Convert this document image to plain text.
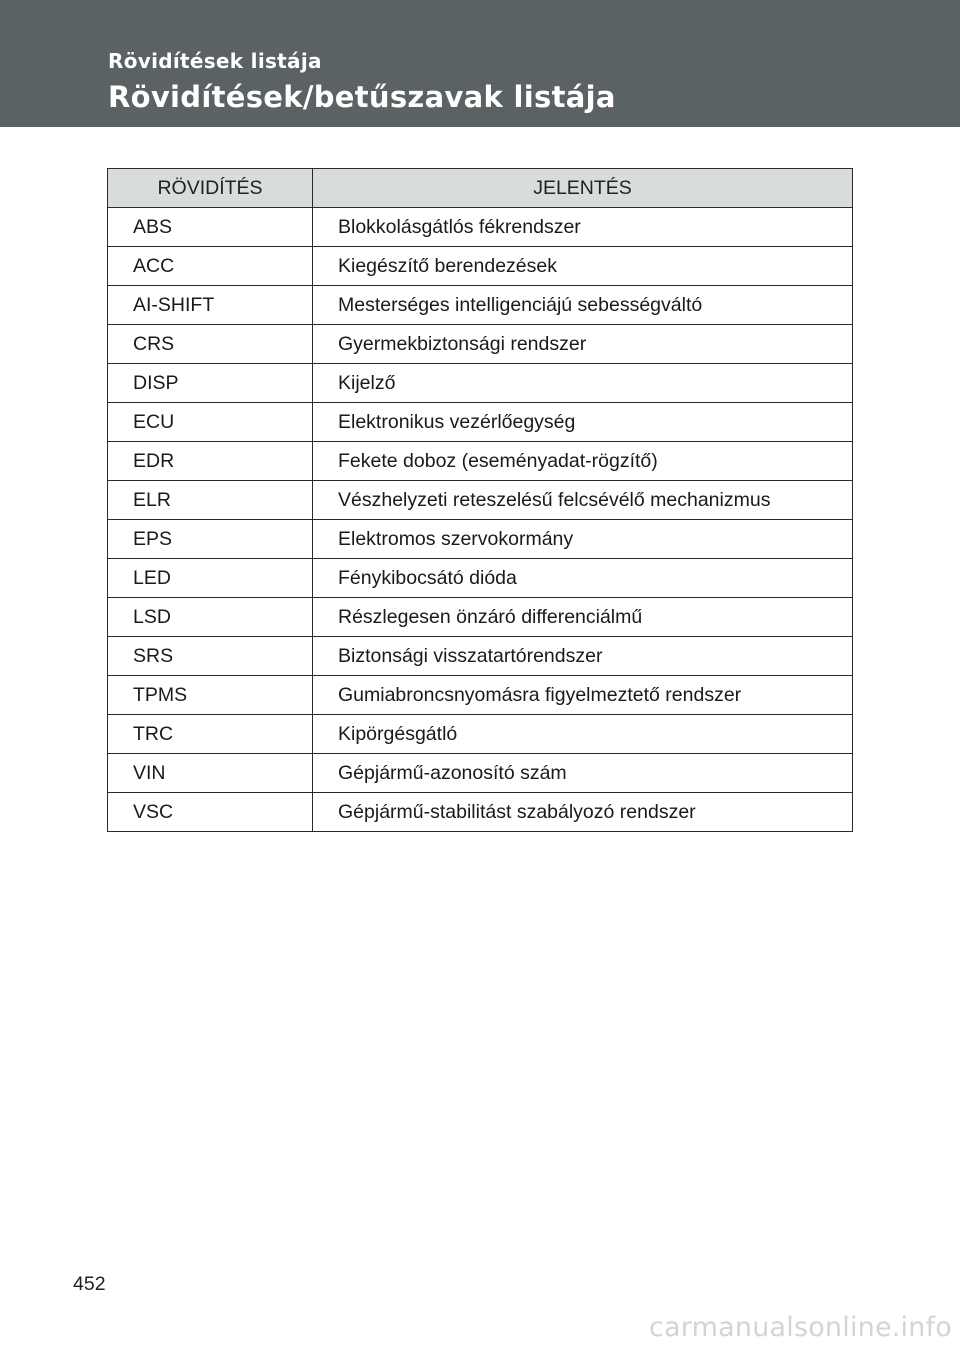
Rövidítések listája
Rövidítések/betűszavak listája
RÖVIDÍTÉS	JELENTÉS
ABS	Blokkolásgátlós fékrendszer
ACC	Kiegészítő berendezések
AI-SHIFT	Mesterséges intelligenciájú sebességváltó
CRS	Gyermekbiztonsági rendszer
DISP	Kijelző
ECU	Elektronikus vezérlőegység
EDR	Fekete doboz (eseményadat-rögzítő)
ELR	Vészhelyzeti reteszelésű felcsévélő mechanizmus
EPS	Elektromos szervokormány
LED	Fénykibocsátó dióda
LSD	Részlegesen önzáró differenciálmű
SRS	Biztonsági visszatartórendszer
TPMS	Gumiabroncsnyomásra figyelmeztető rendszer
TRC	Kipörgésgátló
VIN	Gépjármű-azonosító szám
VSC	Gépjármű-stabilitást szabályozó rendszer
452
carmanualsonline.info
